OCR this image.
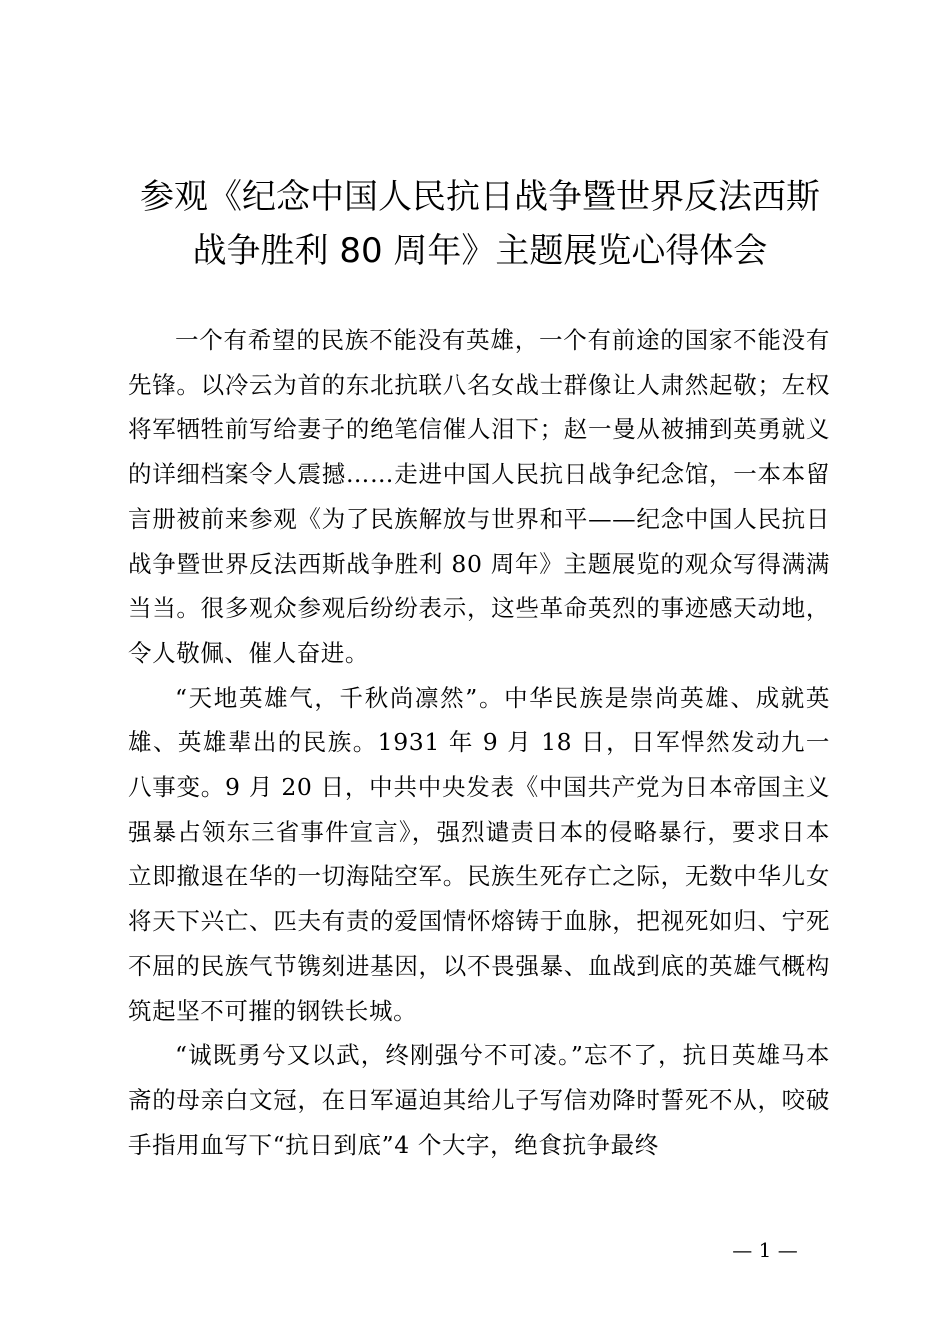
参观《纪念中国人民抗日战争暨世界反法西斯
战争胜利 80 周年》主题展览心得体会

一个有希望的民族不能没有英雄，一个有前途的国家不能没有先锋。以冷云为首的东北抗联八名女战士群像让人肃然起敬；左权将军牺牲前写给妻子的绝笔信催人泪下；赵一曼从被捕到英勇就义的详细档案令人震撼……走进中国人民抗日战争纪念馆，一本本留言册被前来参观《为了民族解放与世界和平——纪念中国人民抗日战争暨世界反法西斯战争胜利 80 周年》主题展览的观众写得满满当当。很多观众参观后纷纷表示，这些革命英烈的事迹感天动地，令人敬佩、催人奋进。

“天地英雄气，千秋尚凛然”。中华民族是崇尚英雄、成就英雄、英雄辈出的民族。1931 年 9 月 18 日，日军悍然发动九一八事变。9 月 20 日，中共中央发表《中国共产党为日本帝国主义强暴占领东三省事件宣言》，强烈谴责日本的侵略暴行，要求日本立即撤退在华的一切海陆空军。民族生死存亡之际，无数中华儿女将天下兴亡、匹夫有责的爱国情怀熔铸于血脉，把视死如归、宁死不屈的民族气节镌刻进基因，以不畏强暴、血战到底的英雄气概构筑起坚不可摧的钢铁长城。

“诚既勇兮又以武，终刚强兮不可凌。”忘不了，抗日英雄马本斋的母亲白文冠，在日军逼迫其给儿子写信劝降时誓死不从，咬破手指用血写下“抗日到底”4 个大字，绝食抗争最终

— 1 —
